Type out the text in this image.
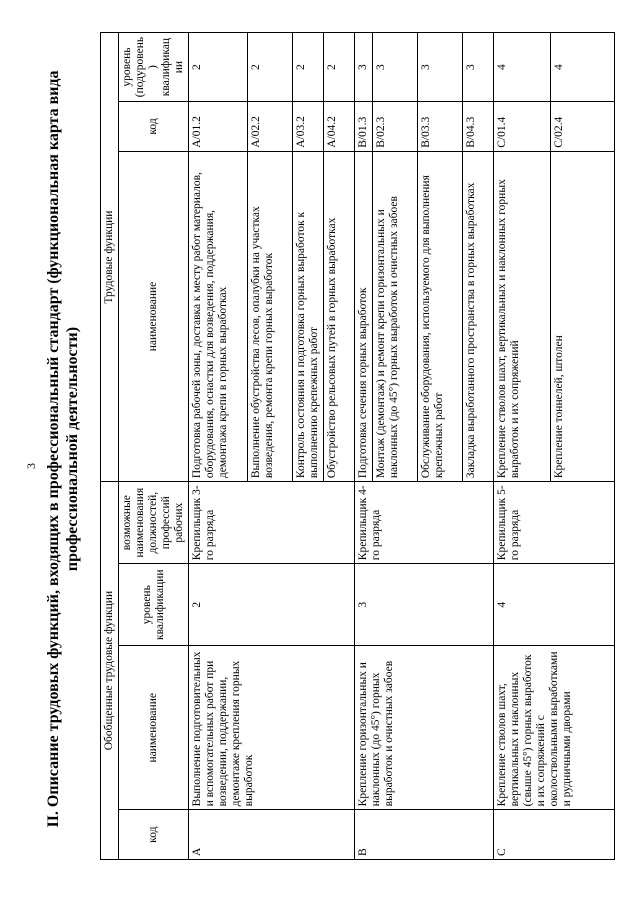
3 II. Описание трудовых функций, входящих в профессиональный стандарт (функциональная карта вида профессиональной деятельности)
Обобщенные трудовые функции				Трудовые функции		
код	наименование	уровень квалификации	возможные наименования должностей, профессий рабочих	наименование	код	уровень (подуровень) квалификации
А	Выполнение подготовительных и вспомогательных работ при возведении, поддержании, демонтаже крепления горных выработок	2	Крепильщик 3-го разряда	Подготовка рабочей зоны, доставка к месту работ материалов, оборудования, оснастки для возведения, поддержания, демонтажа крепи в горных выработках	A/01.2	2
				Выполнение обустройства лесов, опалубки на участках возведения, ремонта крепи горных выработок	A/02.2	2
				Контроль состояния и подготовка горных выработок к выполнению крепежных работ	A/03.2	2
				Обустройство рельсовых путей в горных выработках	A/04.2	2
В	Крепление горизонтальных и наклонных (до 45°) горных выработок и очистных забоев	3	Крепильщик 4-го разряда	Подготовка сечения горных выработок	B/01.3	3
				Монтаж (демонтаж) и ремонт крепи горизонтальных и наклонных (до 45°) горных выработок и очистных забоев	B/02.3	3
				Обслуживание оборудования, используемого для выполнения крепежных работ	B/03.3	3
				Закладка выработанного пространства в горных выработках	B/04.3	3
С	Крепление стволов шахт, вертикальных и наклонных (свыше 45°) горных выработок и их сопряжений с околоствольными выработками и рудничными дворами	4	Крепильщик 5-го разряда	Крепление стволов шахт, вертикальных и наклонных горных выработок и их сопряжений	C/01.4	4
				Крепление тоннелей, штолен	C/02.4	4
